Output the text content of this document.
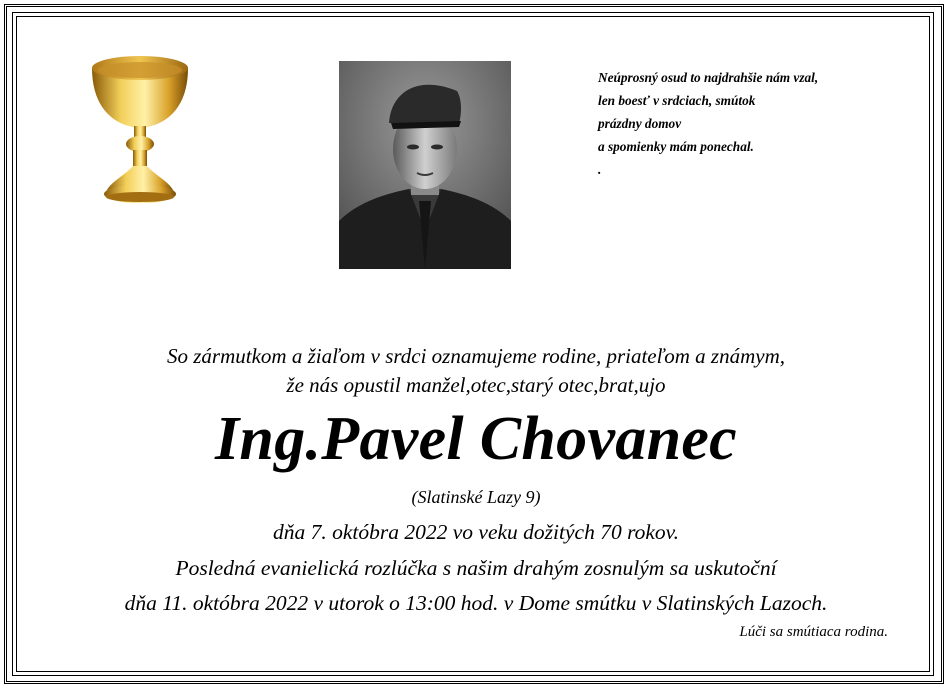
Neúprosný osud to najdrahšie nám vzal,
len boesť v srdciach, smútok
prázdny domov
a spomienky mám ponechal.
.
So zármutkom a žiaľom v srdci oznamujeme rodine, priateľom a známym,
že nás opustil manžel,otec,starý otec,brat,ujo
Ing.Pavel Chovanec
(Slatinské Lazy 9)
dňa 7. októbra 2022 vo veku dožitých 70 rokov.
Posledná evanielická rozlúčka s našim drahým zosnulým sa uskutoční
dňa 11. októbra 2022 v utorok o 13:00 hod. v Dome smútku v Slatinských Lazoch.
Lúči sa smútiaca rodina.
